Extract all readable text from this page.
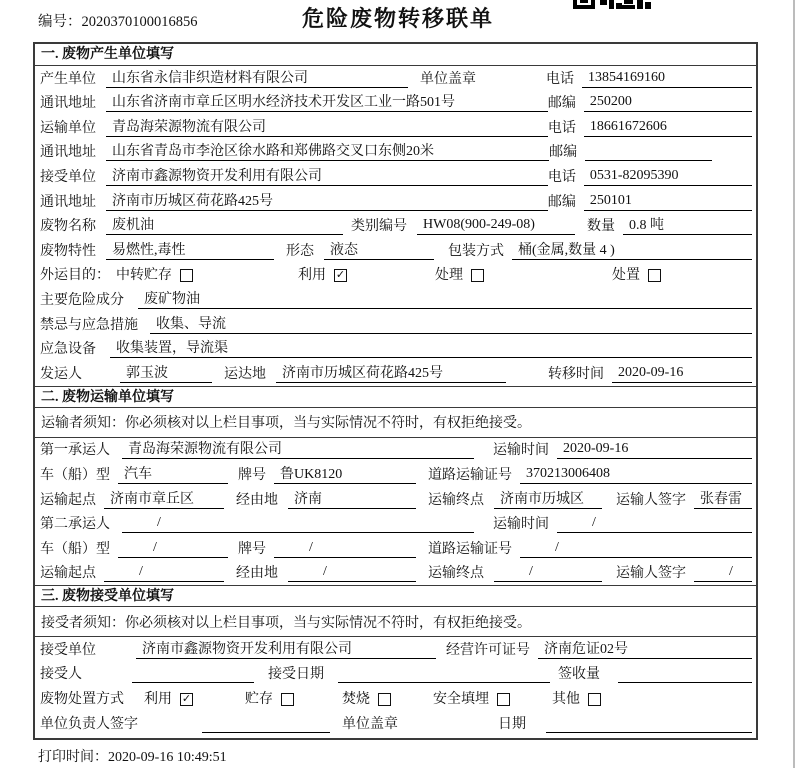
编号：2020370100016856	危险废物转移联单
一. 废物产生单位填写
产生单位	山东省永信非织造材料有限公司	单位盖章	电话	13854169160
通讯地址	山东省济南市章丘区明水经济技术开发区工业一路501号	邮编	250200
运输单位	青岛海荣源物流有限公司	电话	18661672606
通讯地址	山东省青岛市李沧区徐水路和郑佛路交叉口东侧20米	邮编
接受单位	济南市鑫源物资开发利用有限公司	电话	0531-82095390
通讯地址	济南市历城区荷花路425号	邮编	250101
废物名称	废机油	类别编号	HW08(900-249-08)	数量	0.8 吨
废物特性	易燃性,毒性	形态	液态	包装方式	桶(金属,数量 4 )
外运目的： 中转贮存	利用 ✓	处理	处置
主要危险成分	废矿物油
禁忌与应急措施	收集、导流
应急设备	收集装置，导流渠
发运人	郭玉波	运达地	济南市历城区荷花路425号	转移时间	2020-09-16
二. 废物运输单位填写
运输者须知：你必须核对以上栏目事项，当与实际情况不符时，有权拒绝接受。
第一承运人	青岛海荣源物流有限公司	运输时间	2020-09-16
车（船）型	汽车	牌号	鲁UK8120	道路运输证号	370213006408
运输起点	济南市章丘区	经由地	济南	运输终点	济南市历城区	运输人签字	张春雷
第二承运人	/	运输时间	/
车（船）型	/	牌号	/	道路运输证号	/
运输起点	/	经由地	/	运输终点	/	运输人签字	/
三. 废物接受单位填写
接受者须知：你必须核对以上栏目事项，当与实际情况不符时，有权拒绝接受。
接受单位	济南市鑫源物资开发利用有限公司	经营许可证号	济南危证02号
接受人	接受日期	签收量
废物处置方式 利用 ✓	贮存	焚烧	安全填埋	其他
单位负责人签字	单位盖章	日期
打印时间：2020-09-16 10:49:51
